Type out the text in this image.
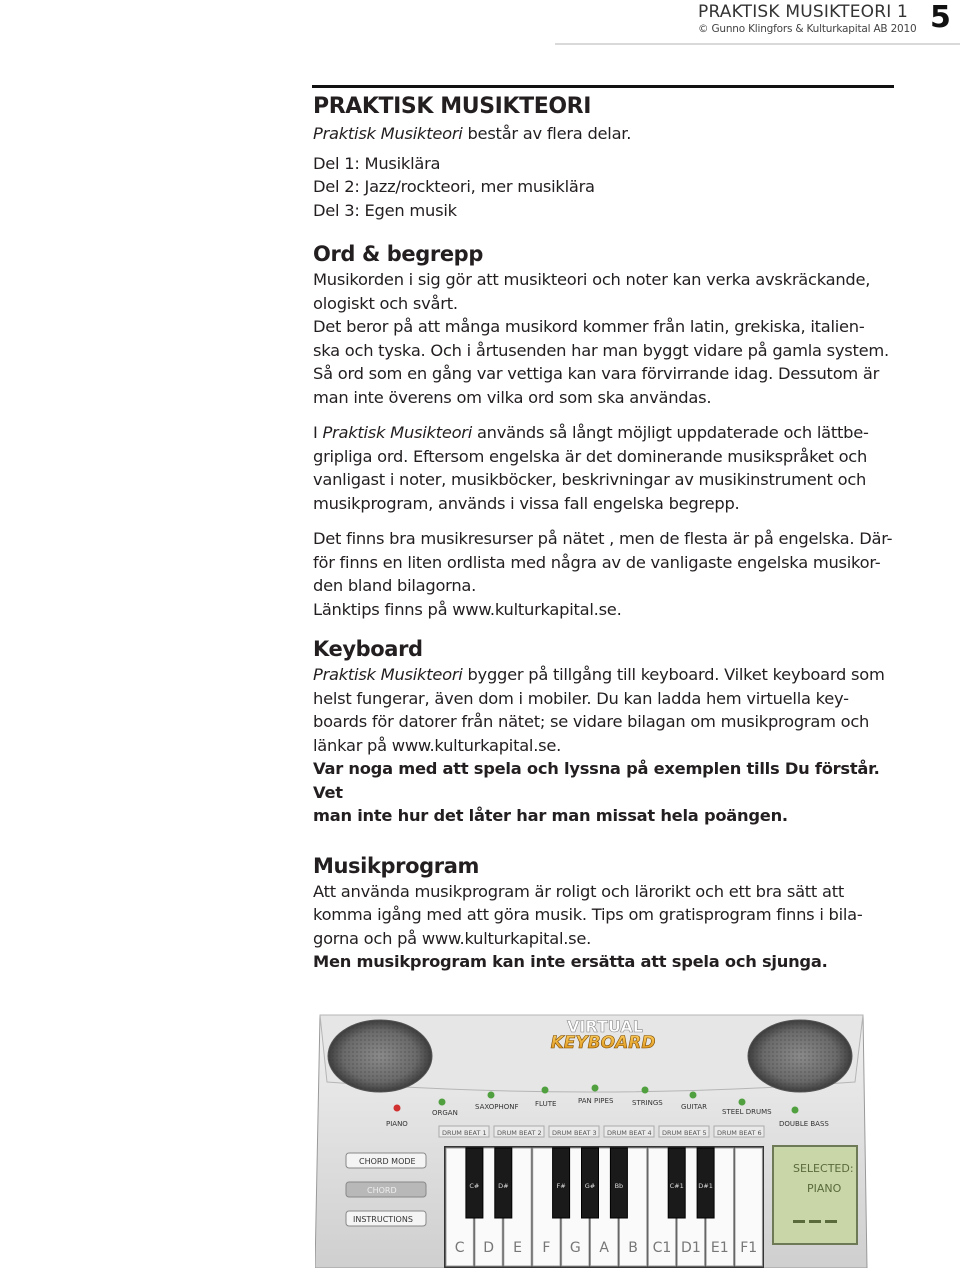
PRAKTISK MUSIKTEORI 1
© Gunno Klingfors & Kulturkapital AB 2010 5
PRAKTISK MUSIKTEORI

Praktisk Musikteori består av flera delar.

Del 1: Musiklära

Del 2: Jazz/rockteori, mer musiklära

Del 3: Egen musik

Ord & begrepp

Musikorden i sig gör att musikteori och noter kan verka avskräckande,

ologiskt och svårt.

Det beror på att många musikord kommer från latin, grekiska, italien-

ska och tyska. Och i årtusenden har man byggt vidare på gamla system.

Så ord som en gång var vettiga kan vara förvirrande idag. Dessutom är

man inte överens om vilka ord som ska användas.

I Praktisk Musikteori används så långt möjligt uppdaterade och lättbe-

gripliga ord. Eftersom engelska är det dominerande musikspråket och

vanligast i noter, musikböcker, beskrivningar av musikinstrument och

musikprogram, används i vissa fall engelska begrepp.

Det finns bra musikresurser på nätet , men de flesta är på engelska. Där-

för finns en liten ordlista med några av de vanligaste engelska musikor-

den bland bilagorna.

Länktips finns på www.kulturkapital.se.

Keyboard

Praktisk Musikteori bygger på tillgång till keyboard. Vilket keyboard som

helst fungerar, även dom i mobiler. Du kan ladda hem virtuella key-

boards för datorer från nätet; se vidare bilagan om musikprogram och

länkar på www.kulturkapital.se.

Var noga med att spela och lyssna på exemplen tills Du förstår. Vet

man inte hur det låter har man missat hela poängen.

Musikprogram

Att använda musikprogram är roligt och lärorikt och ett bra sätt att

komma igång med att göra musik. Tips om gratisprogram finns i bila-

gorna och på www.kulturkapital.se.

Men musikprogram kan inte ersätta att spela och sjunga.

VIRTUAL
KEYBOARD
PIANO
ORGAN
SAXOPHONF FLUTE	PAN PIPES	STRINGS	GUITAR
STEEL DRUMS
DOUBLE BASS
DRUM BEAT 1 DRUM BEAT 2 DRUM BEAT 3 DRUM BEAT 4 DRUM BEAT 5 DRUM BEAT 6
CHORD MODE
CHORD
INSTRUCTIONS
C D E F G A B C1 D1 E1 F1
C#	D#	F#	G#	Bb	C#1 D#1
SELECTED:
PIANO
